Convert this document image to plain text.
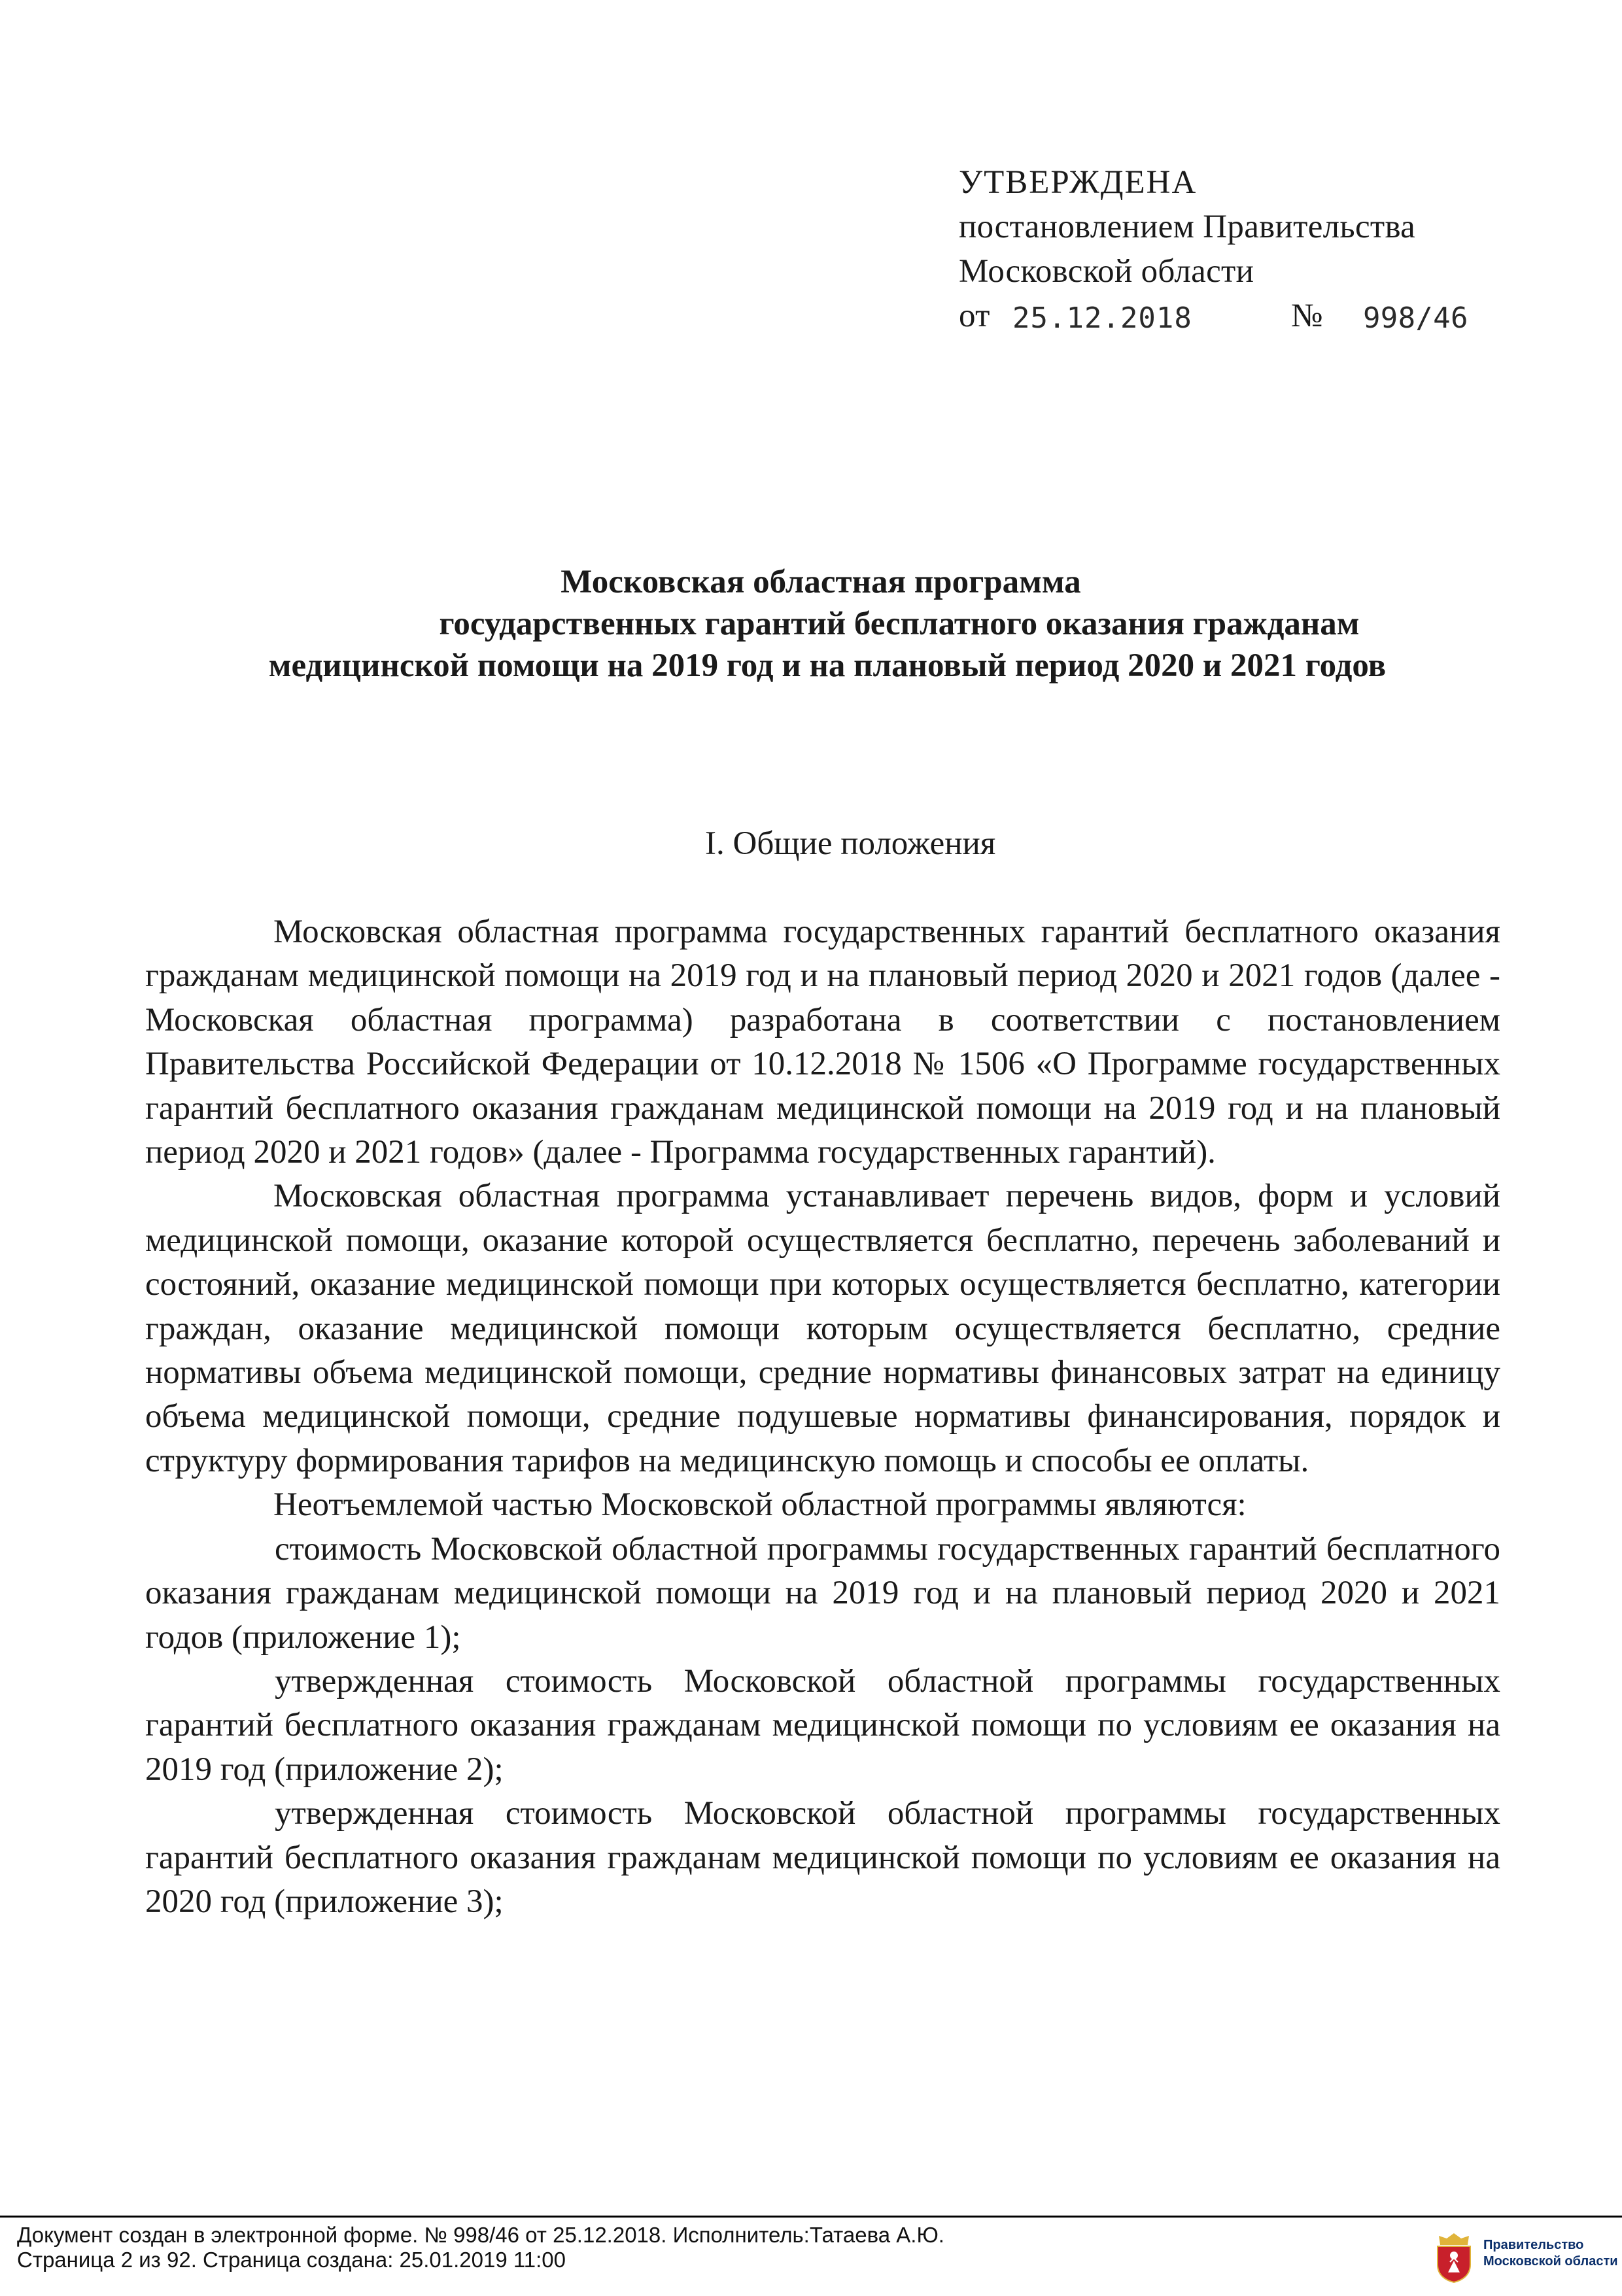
УТВЕРЖДЕНА
постановлением Правительства
Московской области
от 25.12.2018	№ 998/46
Московская областная программа
государственных гарантий бесплатного оказания гражданам
медицинской помощи на 2019 год и на плановый период 2020 и 2021 годов
I. Общие положения

Московская областная программа государственных гарантий бесплатного оказания гражданам медицинской помощи на 2019 год и на плановый период 2020 и 2021 годов (далее - Московская областная программа) разработана в соответствии с постановлением Правительства Российской Федерации от 10.12.2018 № 1506 «О Программе государственных гарантий бесплатного оказания гражданам медицинской помощи на 2019 год и на плановый период 2020 и 2021 годов» (далее - Программа государственных гарантий).

Московская областная программа устанавливает перечень видов, форм и условий медицинской помощи, оказание которой осуществляется бесплатно, перечень заболеваний и состояний, оказание медицинской помощи при которых осуществляется бесплатно, категории граждан, оказание медицинской помощи которым осуществляется бесплатно, средние нормативы объема медицинской помощи, средние нормативы финансовых затрат на единицу объема медицинской помощи, средние подушевые нормативы финансирования, порядок и структуру формирования тарифов на медицинскую помощь и способы ее оплаты.

Неотъемлемой частью Московской областной программы являются:

стоимость Московской областной программы государственных гарантий бесплатного оказания гражданам медицинской помощи на 2019 год и на плановый период 2020 и 2021 годов (приложение 1);

утвержденная стоимость Московской областной программы государственных гарантий бесплатного оказания гражданам медицинской помощи по условиям ее оказания на 2019 год (приложение 2);

утвержденная стоимость Московской областной программы государственных гарантий бесплатного оказания гражданам медицинской помощи по условиям ее оказания на 2020 год (приложение 3);

Документ создан в электронной форме. № 998/46 от 25.12.2018. Исполнитель:Татаева А.Ю.
Страница 2 из 92. Страница создана: 25.01.2019 11:00
Правительство
Московской области
